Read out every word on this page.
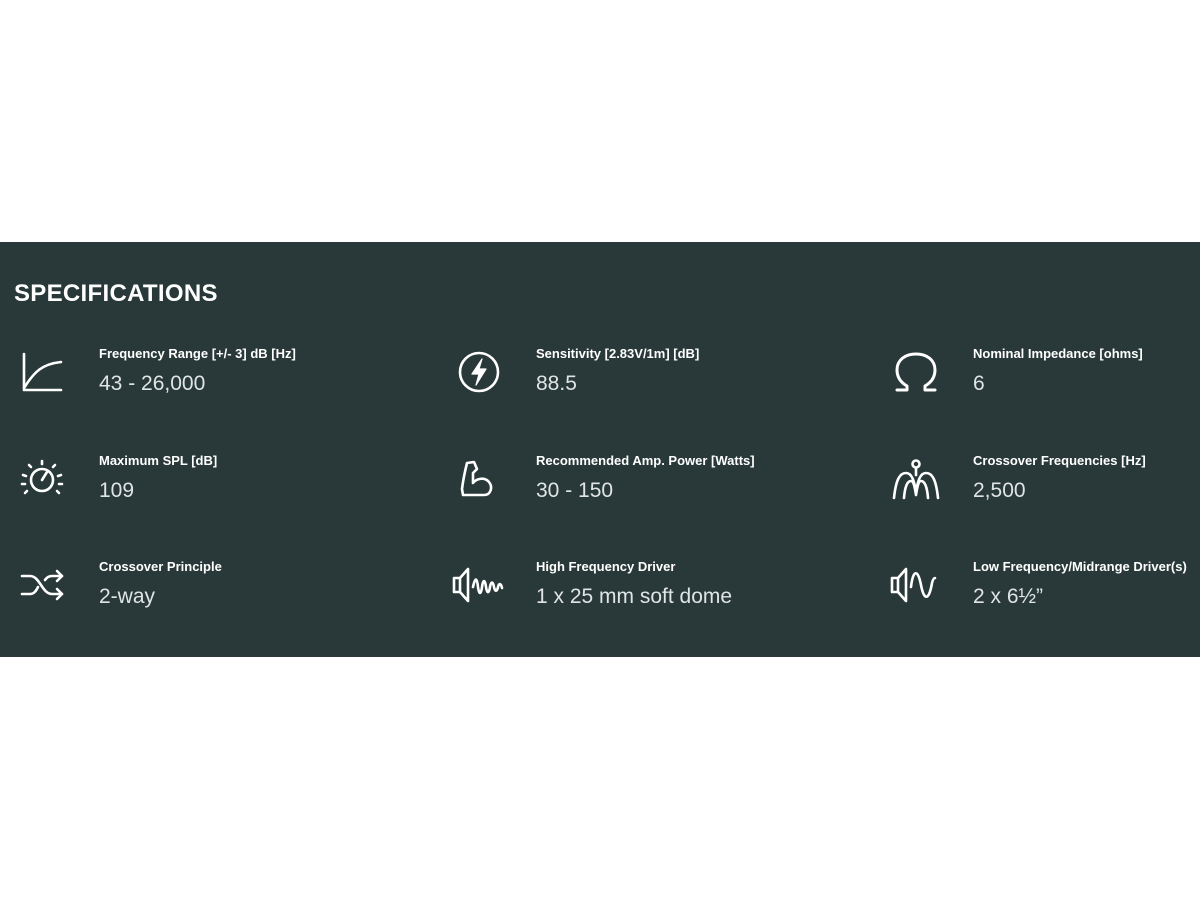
SPECIFICATIONS
Frequency Range [+/- 3] dB [Hz]
43 - 26,000
Sensitivity [2.83V/1m] [dB]
88.5
Nominal Impedance [ohms]
6
Maximum SPL [dB]
109
Recommended Amp. Power [Watts]
30 - 150
Crossover Frequencies [Hz]
2,500
Crossover Principle
2-way
High Frequency Driver
1 x 25 mm soft dome
Low Frequency/Midrange Driver(s)
2 x 6½”
